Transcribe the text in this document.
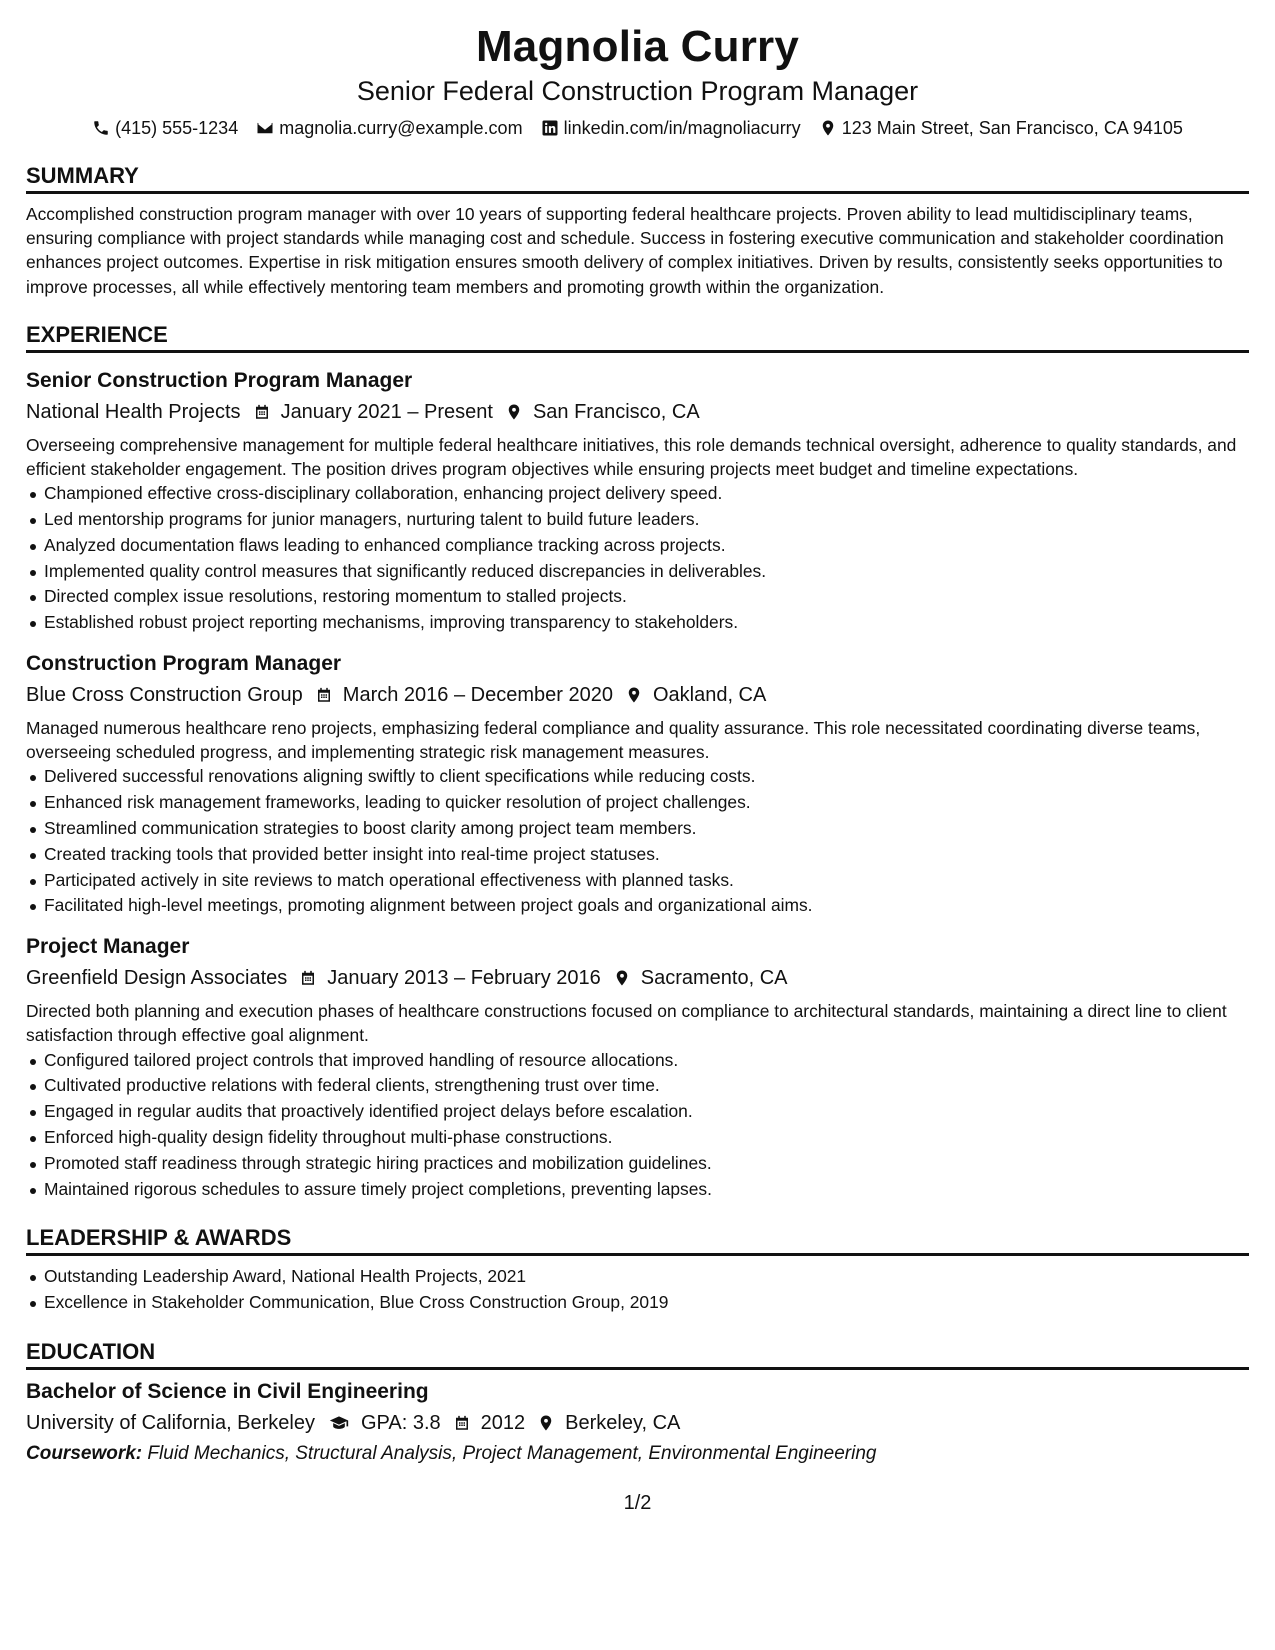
Magnolia Curry

Senior Federal Construction Program Manager

(415) 555-1234 magnolia.curry@example.com linkedin.com/in/magnoliacurry 123 Main Street, San Francisco, CA 94105
SUMMARY

Accomplished construction program manager with over 10 years of supporting federal healthcare projects. Proven ability to lead multidisciplinary teams, ensuring compliance with project standards while managing cost and schedule. Success in fostering executive communication and stakeholder coordination enhances project outcomes. Expertise in risk mitigation ensures smooth delivery of complex initiatives. Driven by results, consistently seeks opportunities to improve processes, all while effectively mentoring team members and promoting growth within the organization.

EXPERIENCE

Senior Construction Program Manager

National Health Projects January 2021 – Present San Francisco, CA

Overseeing comprehensive management for multiple federal healthcare initiatives, this role demands technical oversight, adherence to quality standards, and efficient stakeholder engagement. The position drives program objectives while ensuring projects meet budget and timeline expectations.

Championed effective cross-disciplinary collaboration, enhancing project delivery speed.
Led mentorship programs for junior managers, nurturing talent to build future leaders.
Analyzed documentation flaws leading to enhanced compliance tracking across projects.
Implemented quality control measures that significantly reduced discrepancies in deliverables.
Directed complex issue resolutions, restoring momentum to stalled projects.
Established robust project reporting mechanisms, improving transparency to stakeholders.

Construction Program Manager

Blue Cross Construction Group March 2016 – December 2020 Oakland, CA

Managed numerous healthcare reno projects, emphasizing federal compliance and quality assurance. This role necessitated coordinating diverse teams, overseeing scheduled progress, and implementing strategic risk management measures.

Delivered successful renovations aligning swiftly to client specifications while reducing costs.
Enhanced risk management frameworks, leading to quicker resolution of project challenges.
Streamlined communication strategies to boost clarity among project team members.
Created tracking tools that provided better insight into real-time project statuses.
Participated actively in site reviews to match operational effectiveness with planned tasks.
Facilitated high-level meetings, promoting alignment between project goals and organizational aims.

Project Manager

Greenfield Design Associates January 2013 – February 2016 Sacramento, CA

Directed both planning and execution phases of healthcare constructions focused on compliance to architectural standards, maintaining a direct line to client satisfaction through effective goal alignment.

Configured tailored project controls that improved handling of resource allocations.
Cultivated productive relations with federal clients, strengthening trust over time.
Engaged in regular audits that proactively identified project delays before escalation.
Enforced high-quality design fidelity throughout multi-phase constructions.
Promoted staff readiness through strategic hiring practices and mobilization guidelines.
Maintained rigorous schedules to assure timely project completions, preventing lapses.
LEADERSHIP & AWARDS
Outstanding Leadership Award, National Health Projects, 2021
Excellence in Stakeholder Communication, Blue Cross Construction Group, 2019
EDUCATION

Bachelor of Science in Civil Engineering

University of California, Berkeley GPA: 3.8 2012 Berkeley, CA

Coursework: Fluid Mechanics, Structural Analysis, Project Management, Environmental Engineering

1/2
